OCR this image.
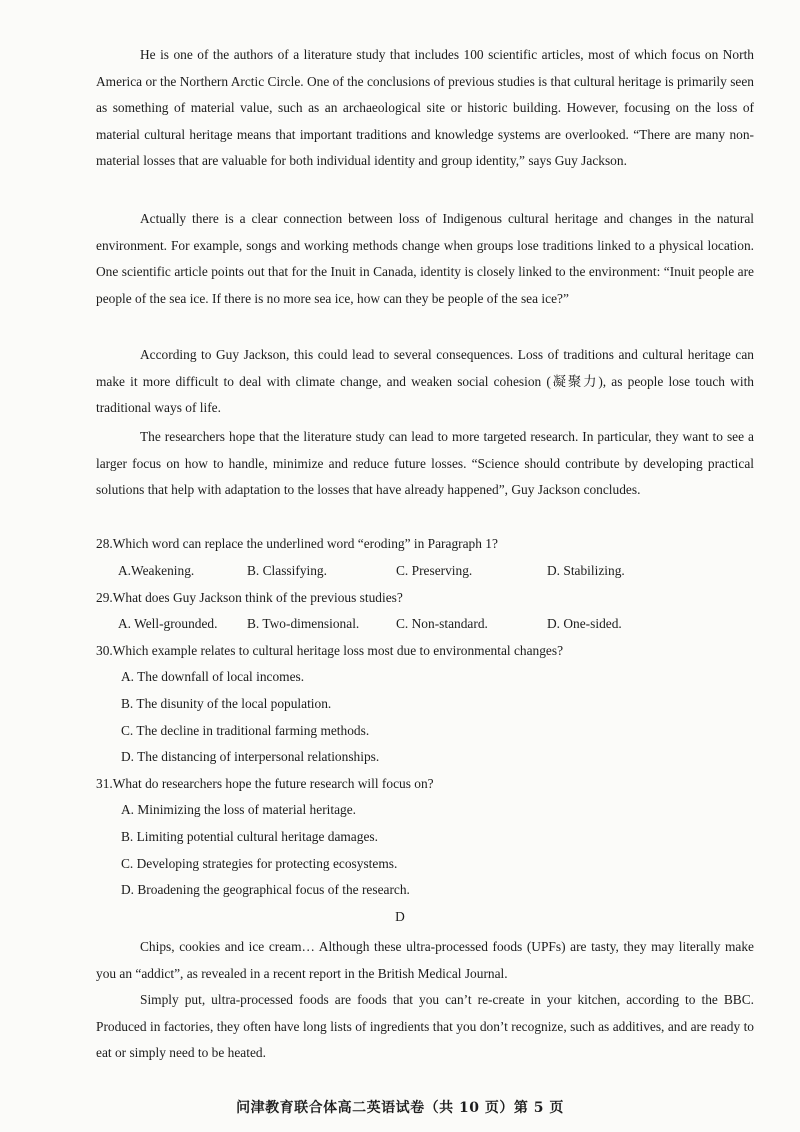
He is one of the authors of a literature study that includes 100 scientific articles, most of which focus on North America or the Northern Arctic Circle. One of the conclusions of previous studies is that cultural heritage is primarily seen as something of material value, such as an archaeological site or historic building. However, focusing on the loss of material cultural heritage means that important traditions and knowledge systems are overlooked. “There are many non-material losses that are valuable for both individual identity and group identity,” says Guy Jackson.

Actually there is a clear connection between loss of Indigenous cultural heritage and changes in the natural environment. For example, songs and working methods change when groups lose traditions linked to a physical location. One scientific article points out that for the Inuit in Canada, identity is closely linked to the environment: “Inuit people are people of the sea ice. If there is no more sea ice, how can they be people of the sea ice?”

According to Guy Jackson, this could lead to several consequences. Loss of traditions and cultural heritage can make it more difficult to deal with climate change, and weaken social cohesion (凝聚力), as people lose touch with traditional ways of life.

The researchers hope that the literature study can lead to more targeted research. In particular, they want to see a larger focus on how to handle, minimize and reduce future losses. “Science should contribute by developing practical solutions that help with adaptation to the losses that have already happened”, Guy Jackson concludes.

28.Which word can replace the underlined word “eroding” in Paragraph 1?

A.Weakening.	B. Classifying.	C. Preserving.	D. Stabilizing.

29.What does Guy Jackson think of the previous studies?

A. Well-grounded. B. Two-dimensional.	C. Non-standard.	D. One-sided.

30.Which example relates to cultural heritage loss most due to environmental changes?

A. The downfall of local incomes.

B. The disunity of the local population.

C. The decline in traditional farming methods.

D. The distancing of interpersonal relationships.

31.What do researchers hope the future research will focus on?

A. Minimizing the loss of material heritage.

B. Limiting potential cultural heritage damages.

C. Developing strategies for protecting ecosystems.

D. Broadening the geographical focus of the research.

D

Chips, cookies and ice cream… Although these ultra-processed foods (UPFs) are tasty, they may literally make you an “addict”, as revealed in a recent report in the British Medical Journal.

Simply put, ultra-processed foods are foods that you can’t re-create in your kitchen, according to the BBC. Produced in factories, they often have long lists of ingredients that you don’t recognize, such as additives, and are ready to eat or simply need to be heated.

问津教育联合体高二英语试卷（共 10 页）第 5 页
